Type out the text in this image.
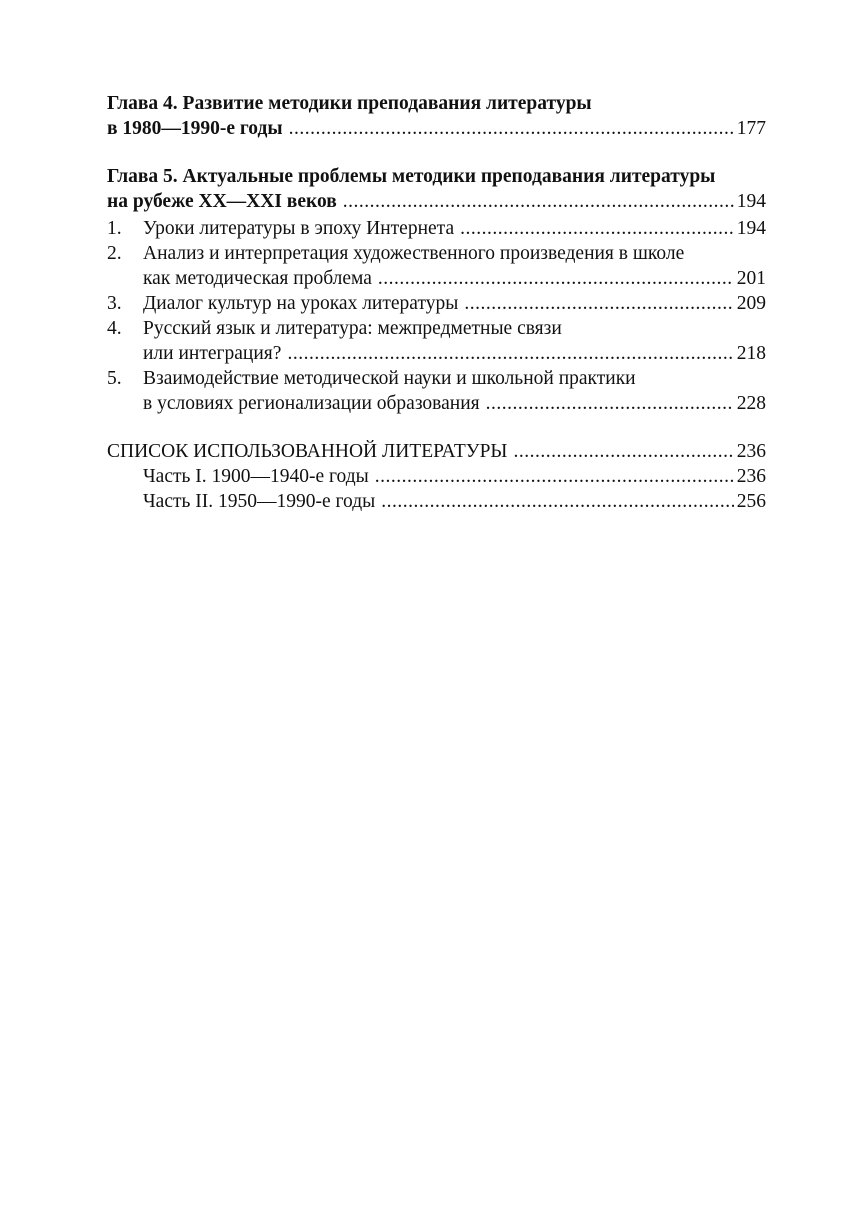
Глава 4. Развитие методики преподавания литературы
в 1980—1990-е годы .....	177
Глава 5. Актуальные проблемы методики преподавания литературы
на рубеже XX—XXI веков .....	194
1. Уроки литературы в эпоху Интернета .....	194
2. Анализ и интерпретация художественного произведения в школе
как методическая проблема .....	201
3. Диалог культур на уроках литературы .....	209
4. Русский язык и литература: межпредметные связи
или интеграция? .....	218
5. Взаимодействие методической науки и школьной практики
в условиях регионализации образования .....	228
СПИСОК ИСПОЛЬЗОВАННОЙ ЛИТЕРАТУРЫ .....	236
Часть I. 1900—1940-е годы .....	236
Часть II. 1950—1990-е годы .....	256
